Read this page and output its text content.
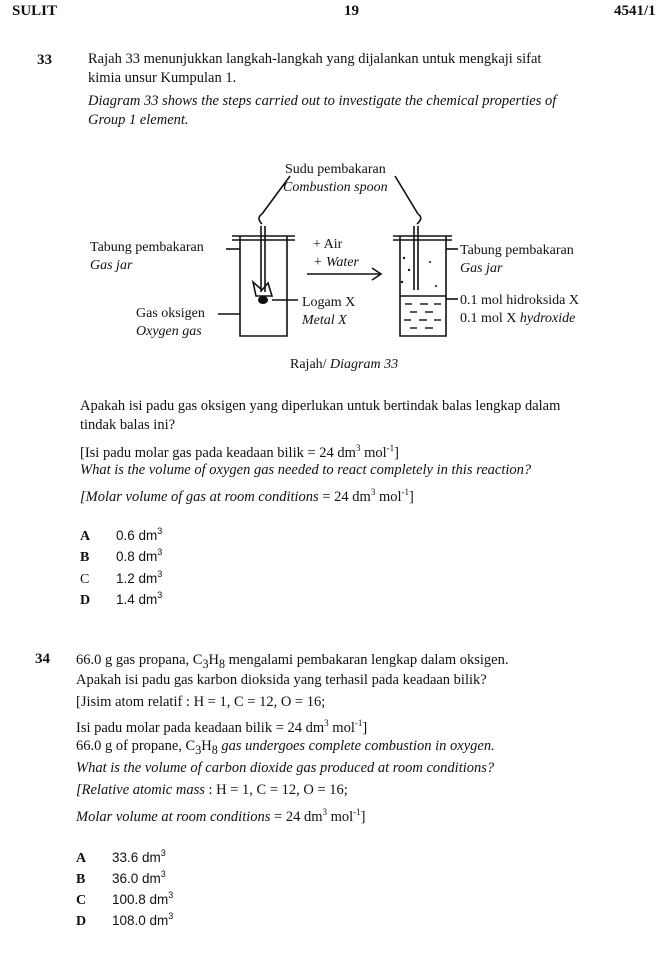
SULIT	19	4541/1
33 Rajah 33 menunjukkan langkah-langkah yang dijalankan untuk mengkaji sifat
kimia unsur Kumpulan 1.
Diagram 33 shows the steps carried out to investigate the chemical properties of
Group 1 element.
Sudu pembakaran
Combustion spoon
Tabung pembakaran
Gas jar
Gas oksigen
Oxygen gas
+ Air
+ Water
Logam X
Metal X
Tabung pembakaran
Gas jar
0.1 mol hidroksida X
0.1 mol X hydroxide
Rajah/ Diagram 33
Apakah isi padu gas oksigen yang diperlukan untuk bertindak balas lengkap dalam
tindak balas ini?
[Isi padu molar gas pada keadaan bilik = 24 $dm^3$ mol$^{-1}$]
What is the volume of oxygen gas needed to react completely in this reaction?
[Molar volume of gas at room conditions = 24 $dm^3$ mol$^{-1}$]
A 0.6 $dm^3$
B 0.8 $dm^3$
C 1.2 $dm^3$
D 1.4 $dm^3$
34 66.0 g gas propana, $C_3H_8$ mengalami pembakaran lengkap dalam oksigen.
Apakah isi padu gas karbon dioksida yang terhasil pada keadaan bilik?
[Jisim atom relatif : H = 1, C = 12, O = 16;
Isi padu molar pada keadaan bilik = 24 $dm^3$ mol$^{-1}$]
66.0 g of propane, $C_3H_8$ gas undergoes complete combustion in oxygen.
What is the volume of carbon dioxide gas produced at room conditions?
[Relative atomic mass : H = 1, C = 12, O = 16;
Molar volume at room conditions = 24 $dm^3$ mol$^{-1}$]
A 33.6 $dm^3$
B 36.0 $dm^3$
C 100.8 $dm^3$
D 108.0 $dm^3$
